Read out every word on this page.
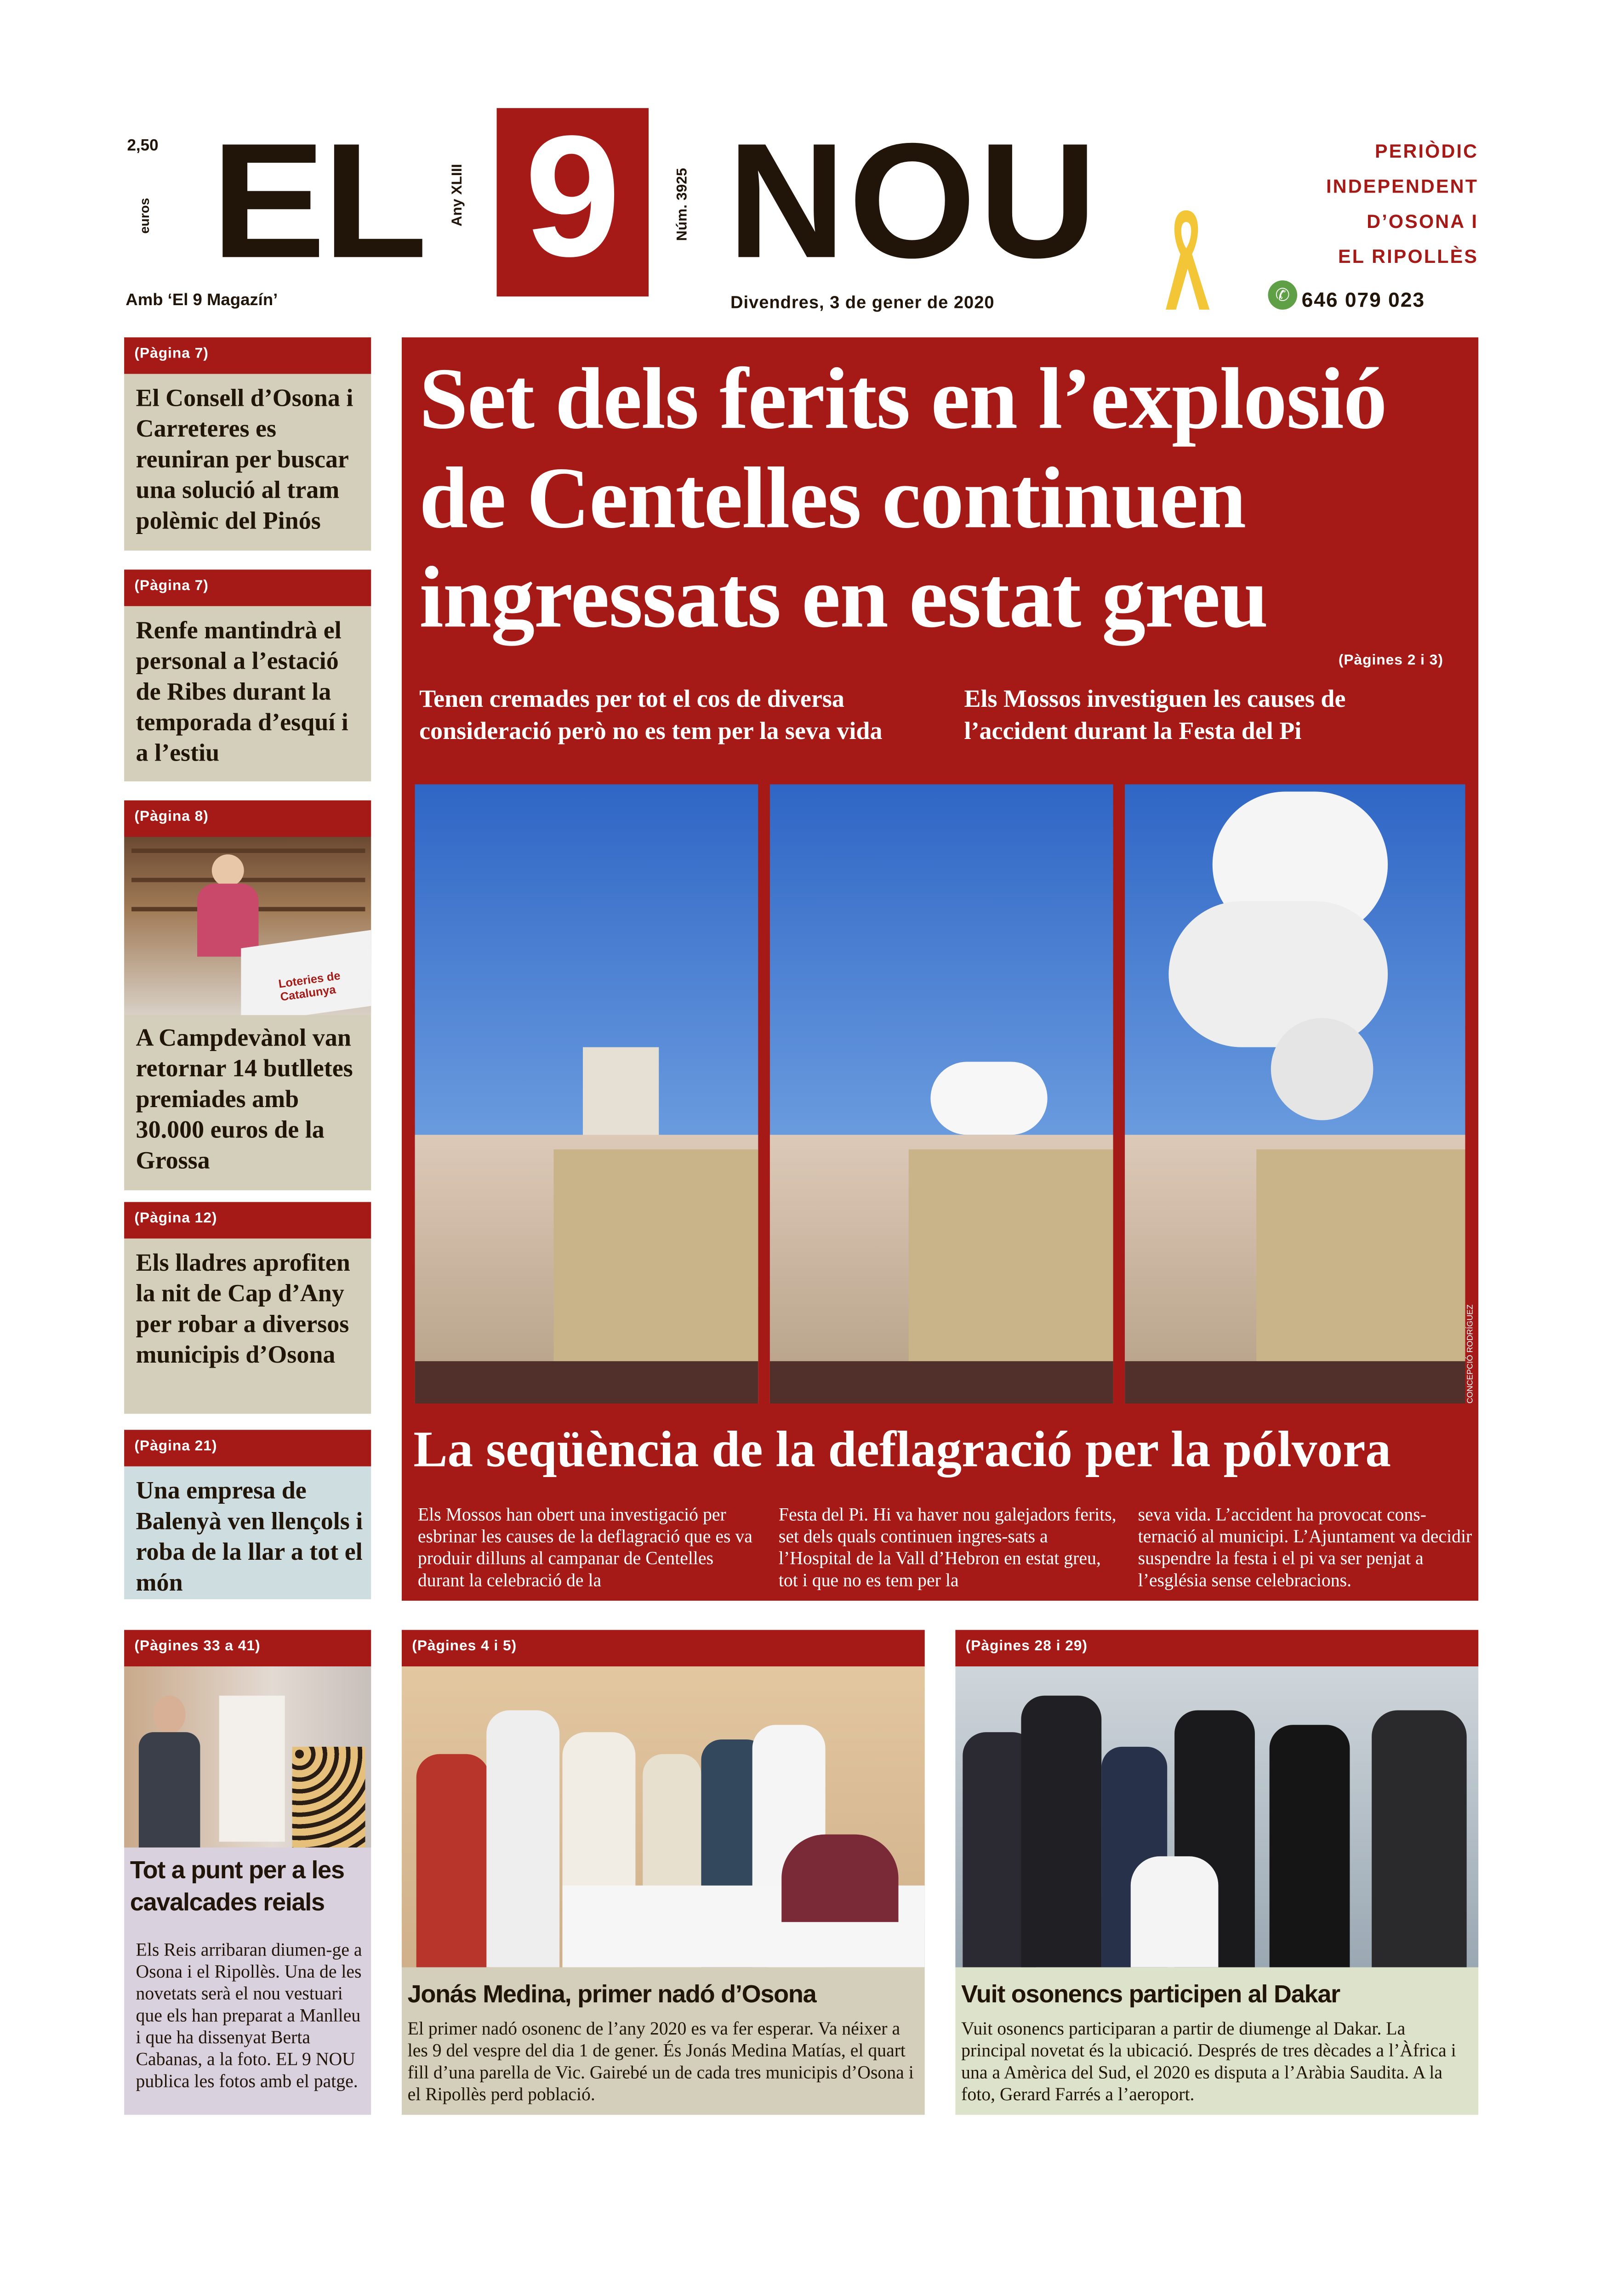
2,50
euros EL	Any XLIII	9	Núm. 3925 NOU	PERIÒDIC
INDEPENDENT
D’OSONA I
EL RIPOLLÈS
Amb ‘El 9 Magazín’	Divendres, 3 de gener de 2020	✆	646 079 023
(Pàgina 7)
El Consell d’Osona i Carreteres es reuniran per buscar una solució al tram polèmic del Pinós
(Pàgina 7)
Renfe mantindrà el personal a l’estació de Ribes durant la temporada d’esquí i a l’estiu
(Pàgina 8)
Loteries de Catalunya
A Campdevànol van retornar 14 butlletes premiades amb 30.000 euros de la Grossa
(Pàgina 12)
Els lladres aprofiten la nit de Cap d’Any per robar a diversos municipis d’Osona
(Pàgina 21)
Una empresa de Balenyà ven llençols i roba de la llar a tot el món
Set dels ferits en l’explosió de Centelles continuen ingressats en estat greu
(Pàgines 2 i 3)
Tenen cremades per tot el cos de diversa consideració però no es tem per la seva vida
Els Mossos investiguen les causes de l’accident durant la Festa del Pi
CONCEPCIÓ RODRÍGUEZ
La seqüència de la deflagració per la pólvora
Els Mossos han obert una investigació per esbrinar les causes de la deflagració que es va produir dilluns al campanar de Centelles durant la celebració de la
Festa del Pi. Hi va haver nou galejadors ferits, set dels quals continuen ingres-sats a l’Hospital de la Vall d’Hebron en estat greu, tot i que no es tem per la
seva vida. L’accident ha provocat cons-ternació al municipi. L’Ajuntament va decidir suspendre la festa i el pi va ser penjat a l’església sense celebracions.
(Pàgines 33 a 41)
Tot a punt per a les cavalcades reials
Els Reis arribaran diumen-ge a Osona i el Ripollès. Una de les novetats serà el nou vestuari que els han preparat a Manlleu i que ha dissenyat Berta Cabanas, a la foto. EL 9 NOU publica les fotos amb el patge.
(Pàgines 4 i 5)
Jonás Medina, primer nadó d’Osona
El primer nadó osonenc de l’any 2020 es va fer esperar. Va néixer a les 9 del vespre del dia 1 de gener. És Jonás Medina Matías, el quart fill d’una parella de Vic. Gairebé un de cada tres municipis d’Osona i el Ripollès perd població.
(Pàgines 28 i 29)
Vuit osonencs participen al Dakar
Vuit osonencs participaran a partir de diumenge al Dakar. La principal novetat és la ubicació. Després de tres dècades a l’Àfrica i una a Amèrica del Sud, el 2020 es disputa a l’Aràbia Saudita. A la foto, Gerard Farrés a l’aeroport.
